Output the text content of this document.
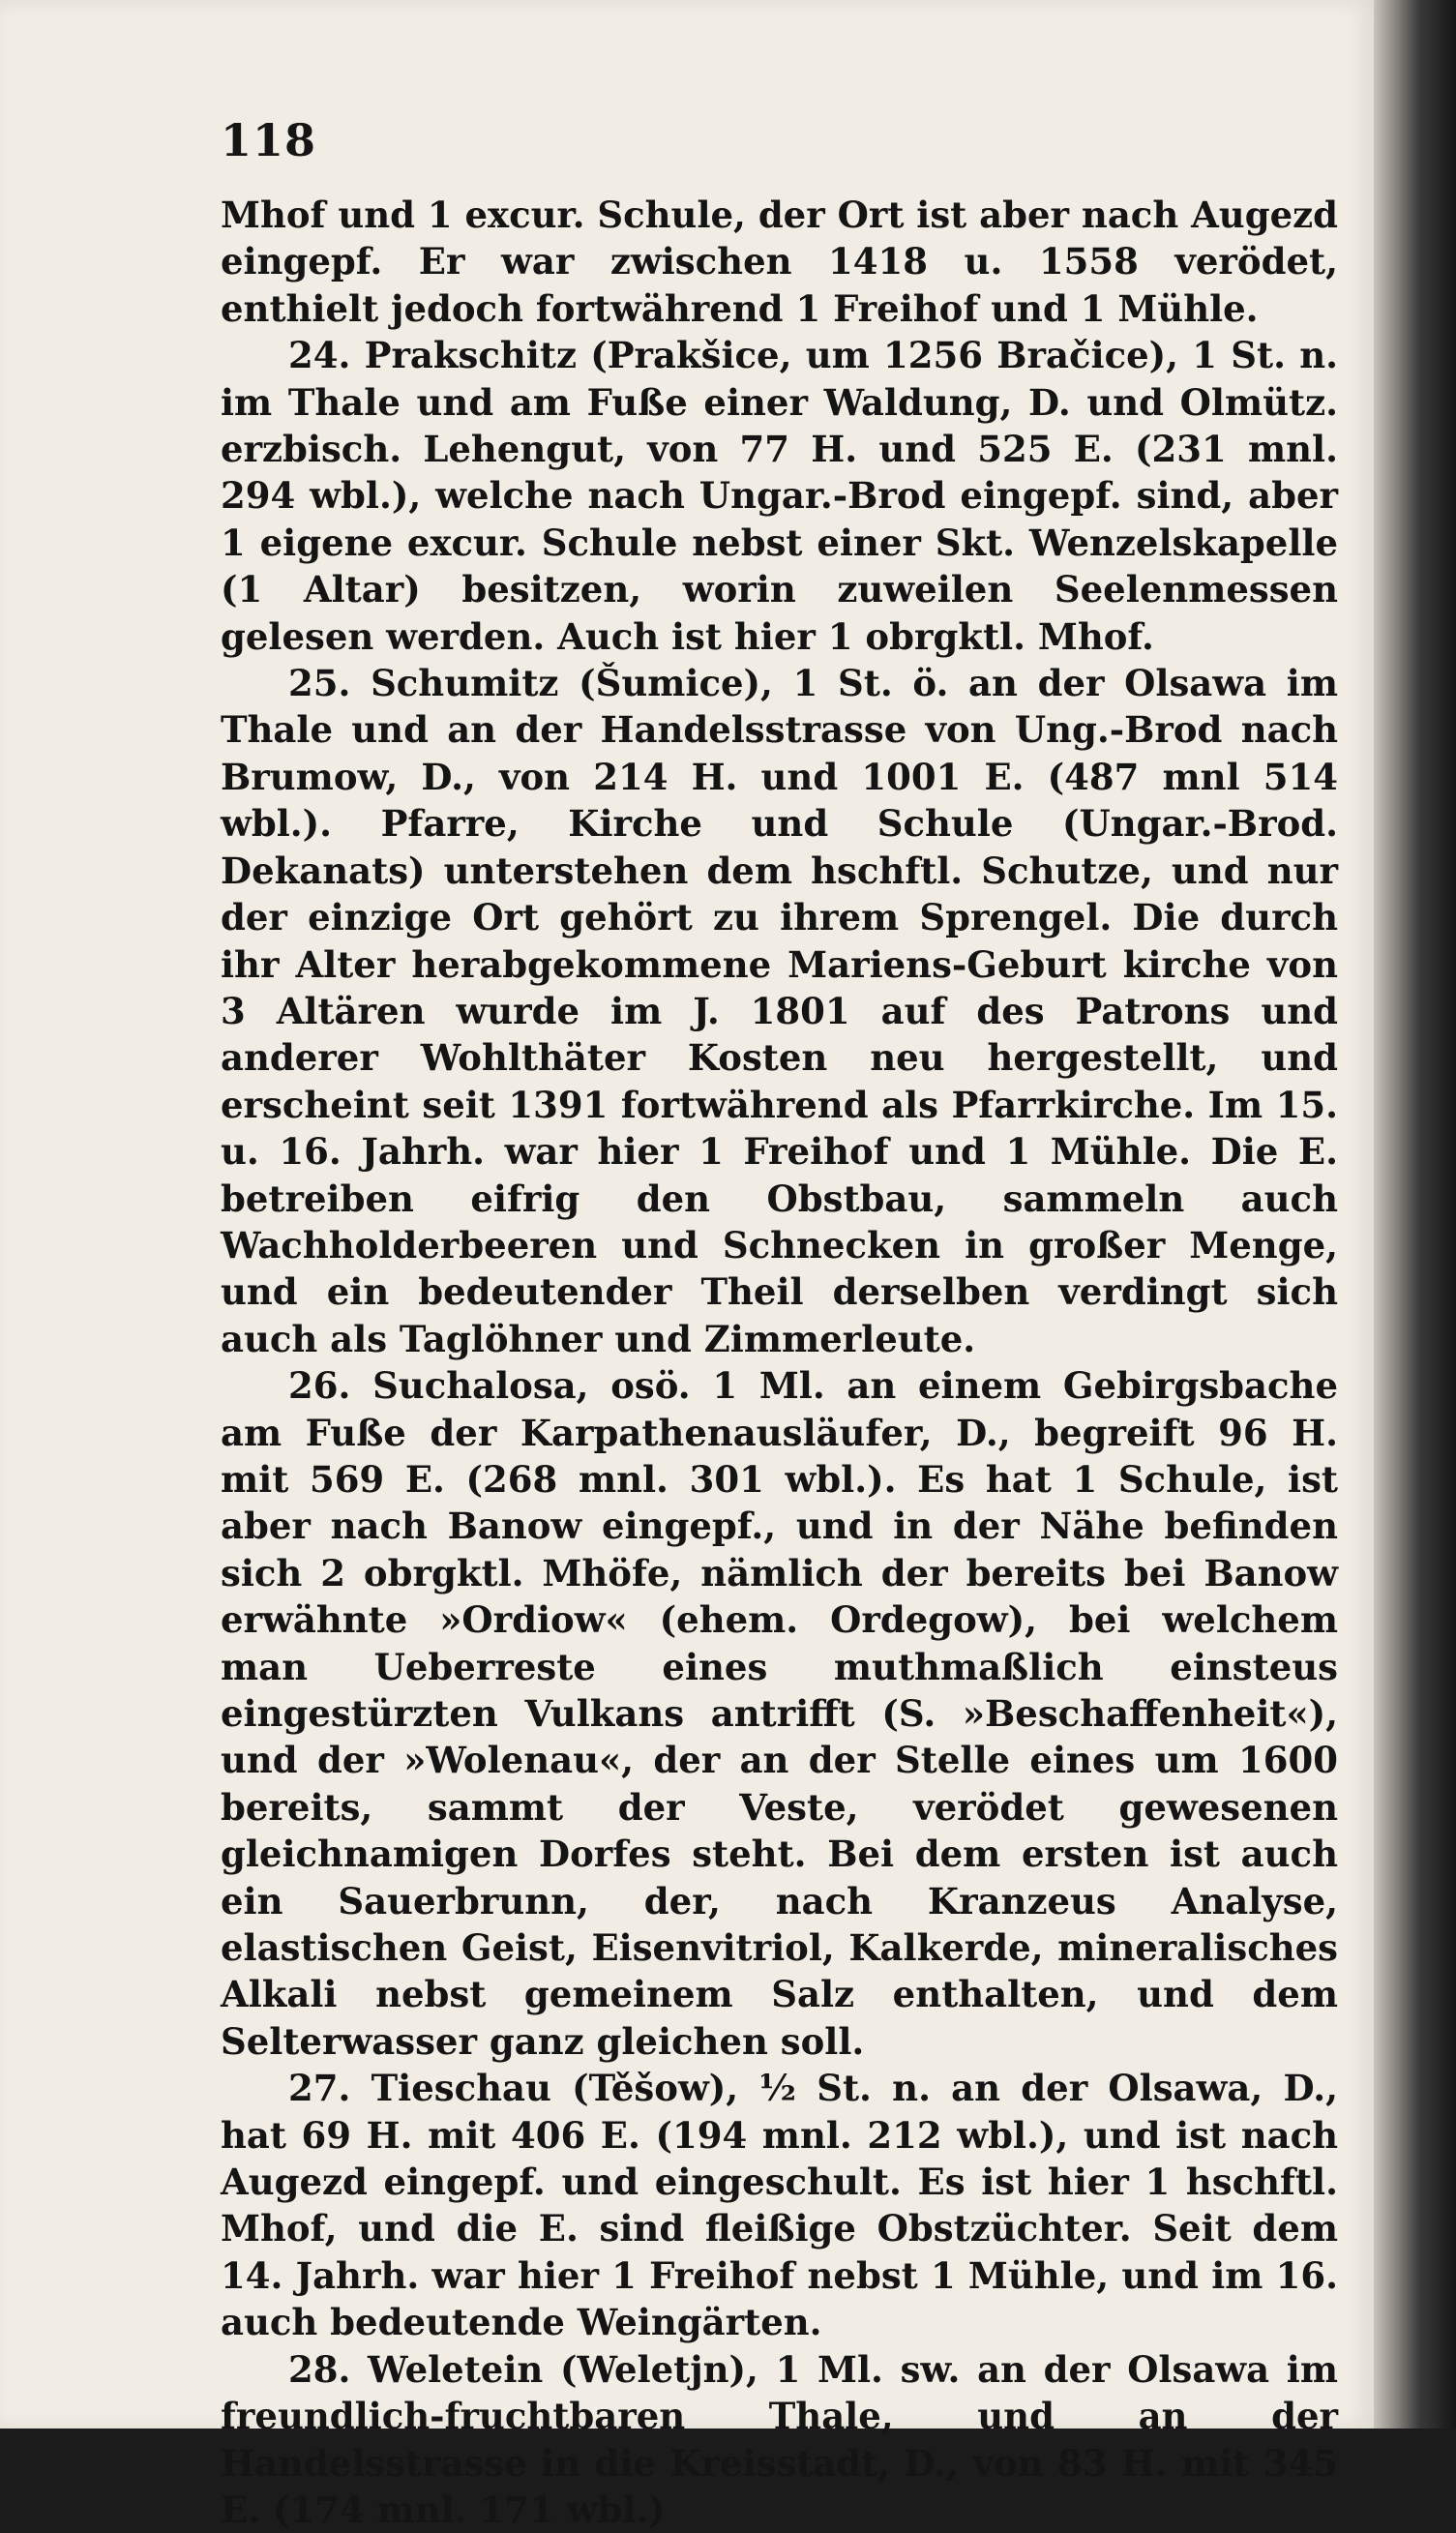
118

Mhof und 1 excur. Schule, der Ort ist aber nach Augezd eingepf. Er war zwischen 1418 u. 1558 verödet, enthielt jedoch fortwährend 1 Freihof und 1 Mühle.

24. Prakschitz (Prakšice, um 1256 Bračice), 1 St. n. im Thale und am Fuße einer Waldung, D. und Olmütz. erzbisch. Lehengut, von 77 H. und 525 E. (231 mnl. 294 wbl.), welche nach Ungar.-Brod eingepf. sind, aber 1 eigene excur. Schule nebst einer Skt. Wenzelskapelle (1 Altar) besitzen, worin zuweilen Seelenmessen gelesen werden. Auch ist hier 1 obrgktl. Mhof.

25. Schumitz (Šumice), 1 St. ö. an der Olsawa im Thale und an der Handelsstrasse von Ung.-Brod nach Brumow, D., von 214 H. und 1001 E. (487 mnl 514 wbl.). Pfarre, Kirche und Schule (Ungar.-Brod. Dekanats) unterstehen dem hschftl. Schutze, und nur der einzige Ort gehört zu ihrem Sprengel. Die durch ihr Alter herabgekommene Mariens-Geburt kirche von 3 Altären wurde im J. 1801 auf des Patrons und anderer Wohlthäter Kosten neu hergestellt, und erscheint seit 1391 fortwährend als Pfarrkirche. Im 15. u. 16. Jahrh. war hier 1 Freihof und 1 Mühle. Die E. betreiben eifrig den Obstbau, sammeln auch Wachholderbeeren und Schnecken in großer Menge, und ein bedeutender Theil derselben verdingt sich auch als Taglöhner und Zimmerleute.

26. Suchalosa, osö. 1 Ml. an einem Gebirgsbache am Fuße der Karpathenausläufer, D., begreift 96 H. mit 569 E. (268 mnl. 301 wbl.). Es hat 1 Schule, ist aber nach Banow eingepf., und in der Nähe befinden sich 2 obrgktl. Mhöfe, nämlich der bereits bei Banow erwähnte »Ordiow« (ehem. Ordegow), bei welchem man Ueberreste eines muthmaßlich einsteus eingestürzten Vulkans antrifft (S. »Beschaffenheit«), und der »Wolenau«, der an der Stelle eines um 1600 bereits, sammt der Veste, verödet gewesenen gleichnamigen Dorfes steht. Bei dem ersten ist auch ein Sauerbrunn, der, nach Kranzeus Analyse, elastischen Geist, Eisenvitriol, Kalkerde, mineralisches Alkali nebst gemeinem Salz enthalten, und dem Selterwasser ganz gleichen soll.

27. Tieschau (Těšow), ½ St. n. an der Olsawa, D., hat 69 H. mit 406 E. (194 mnl. 212 wbl.), und ist nach Augezd eingepf. und eingeschult. Es ist hier 1 hschftl. Mhof, und die E. sind fleißige Obstzüchter. Seit dem 14. Jahrh. war hier 1 Freihof nebst 1 Mühle, und im 16. auch bedeutende Weingärten.

28. Weletein (Weletjn), 1 Ml. sw. an der Olsawa im freundlich-fruchtbaren Thale, und an der Handelsstrasse in die Kreisstadt, D., von 83 H. mit 345 E. (174 mnl. 171 wbl.)
